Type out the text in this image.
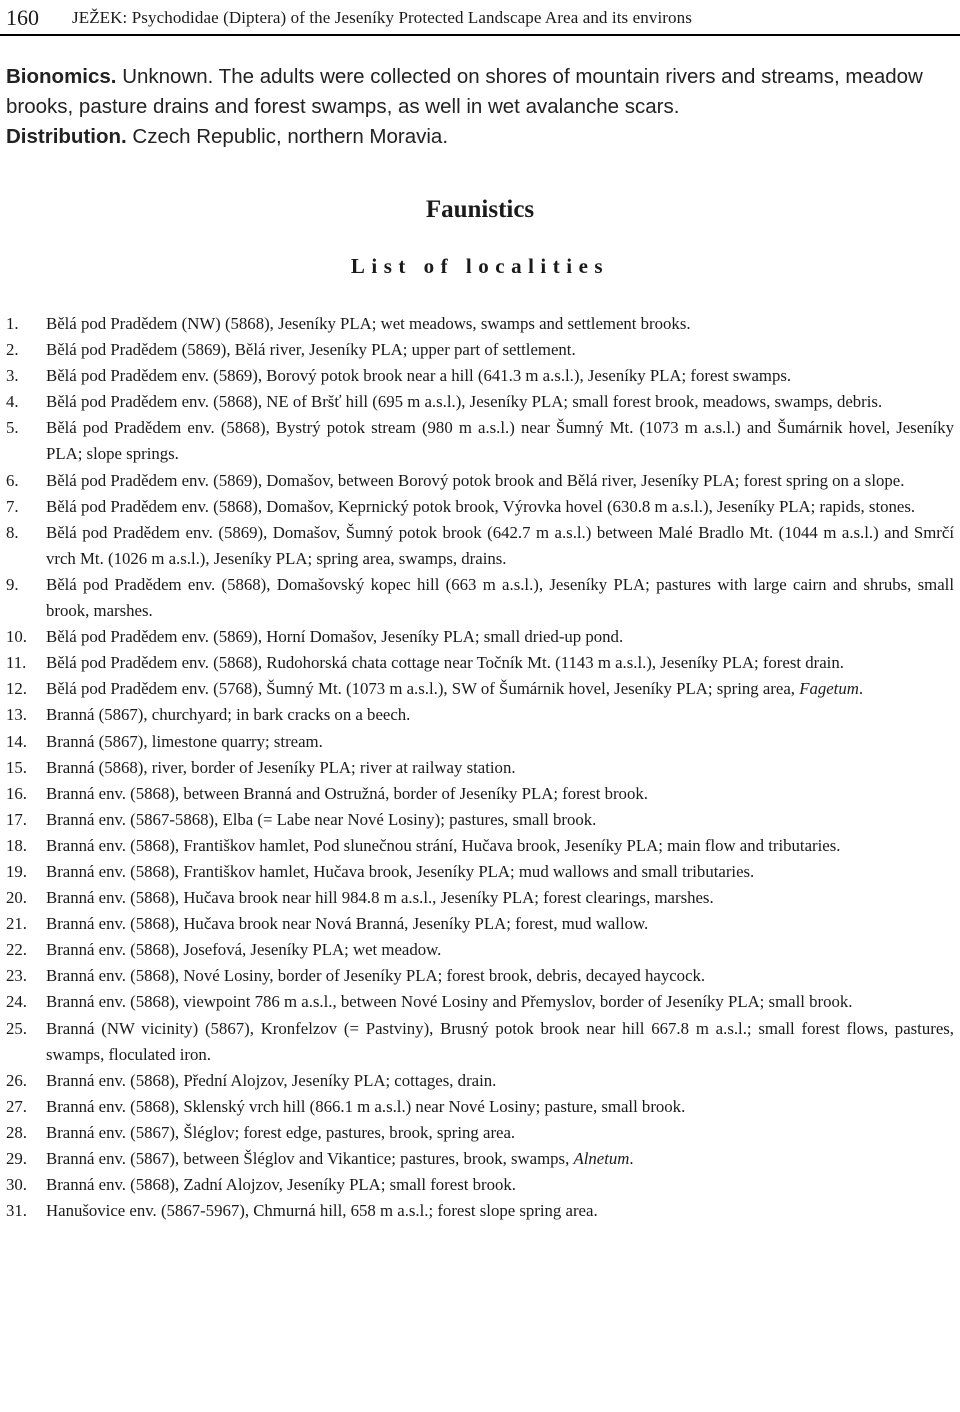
160	JEŽEK: Psychodidae (Diptera) of the Jeseníky Protected Landscape Area and its environs
Bionomics. Unknown. The adults were collected on shores of mountain rivers and streams, meadow brooks, pasture drains and forest swamps, as well in wet avalanche scars.
Distribution. Czech Republic, northern Moravia.
Faunistics
List of localities
1.	Bělá pod Pradědem (NW) (5868), Jeseníky PLA; wet meadows, swamps and settlement brooks.
2.	Bělá pod Pradědem (5869), Bělá river, Jeseníky PLA; upper part of settlement.
3.	Bělá pod Pradědem env. (5869), Borový potok brook near a hill (641.3 m a.s.l.), Jeseníky PLA; forest swamps.
4.	Bělá pod Pradědem env. (5868), NE of Bršť hill (695 m a.s.l.), Jeseníky PLA; small forest brook, meadows, swamps, debris.
5.	Bělá pod Pradědem env. (5868), Bystrý potok stream (980 m a.s.l.) near Šumný Mt. (1073 m a.s.l.) and Šumárnik hovel, Jeseníky PLA; slope springs.
6.	Bělá pod Pradědem env. (5869), Domašov, between Borový potok brook and Bělá river, Jeseníky PLA; forest spring on a slope.
7.	Bělá pod Pradědem env. (5868), Domašov, Keprnický potok brook, Výrovka hovel (630.8 m a.s.l.), Jeseníky PLA; rapids, stones.
8.	Bělá pod Pradědem env. (5869), Domašov, Šumný potok brook (642.7 m a.s.l.) between Malé Bradlo Mt. (1044 m a.s.l.) and Smrčí vrch Mt. (1026 m a.s.l.), Jeseníky PLA; spring area, swamps, drains.
9.	Bělá pod Pradědem env. (5868), Domašovský kopec hill (663 m a.s.l.), Jeseníky PLA; pastures with large cairn and shrubs, small brook, marshes.
10.	Bělá pod Pradědem env. (5869), Horní Domašov, Jeseníky PLA; small dried-up pond.
11.	Bělá pod Pradědem env. (5868), Rudohorská chata cottage near Točník Mt. (1143 m a.s.l.), Jeseníky PLA; forest drain.
12.	Bělá pod Pradědem env. (5768), Šumný Mt. (1073 m a.s.l.), SW of Šumárnik hovel, Jeseníky PLA; spring area, Fagetum.
13.	Branná (5867), churchyard; in bark cracks on a beech.
14.	Branná (5867), limestone quarry; stream.
15.	Branná (5868), river, border of Jeseníky PLA; river at railway station.
16.	Branná env. (5868), between Branná and Ostružná, border of Jeseníky PLA; forest brook.
17.	Branná env. (5867-5868), Elba (= Labe near Nové Losiny); pastures, small brook.
18.	Branná env. (5868), Františkov hamlet, Pod slunečnou strání, Hučava brook, Jeseníky PLA; main flow and tributaries.
19.	Branná env. (5868), Františkov hamlet, Hučava brook, Jeseníky PLA; mud wallows and small tributaries.
20.	Branná env. (5868), Hučava brook near hill 984.8 m a.s.l., Jeseníky PLA; forest clearings, marshes.
21.	Branná env. (5868), Hučava brook near Nová Branná, Jeseníky PLA; forest, mud wallow.
22.	Branná env. (5868), Josefová, Jeseníky PLA; wet meadow.
23.	Branná env. (5868), Nové Losiny, border of Jeseníky PLA; forest brook, debris, decayed haycock.
24.	Branná env. (5868), viewpoint 786 m a.s.l., between Nové Losiny and Přemyslov, border of Jeseníky PLA; small brook.
25.	Branná (NW vicinity) (5867), Kronfelzov (= Pastviny), Brusný potok brook near hill 667.8 m a.s.l.; small forest flows, pastures, swamps, floculated iron.
26.	Branná env. (5868), Přední Alojzov, Jeseníky PLA; cottages, drain.
27.	Branná env. (5868), Sklenský vrch hill (866.1 m a.s.l.) near Nové Losiny; pasture, small brook.
28.	Branná env. (5867), Šléglov; forest edge, pastures, brook, spring area.
29.	Branná env. (5867), between Šléglov and Vikantice; pastures, brook, swamps, Alnetum.
30.	Branná env. (5868), Zadní Alojzov, Jeseníky PLA; small forest brook.
31.	Hanušovice env. (5867-5967), Chmurná hill, 658 m a.s.l.; forest slope spring area.
